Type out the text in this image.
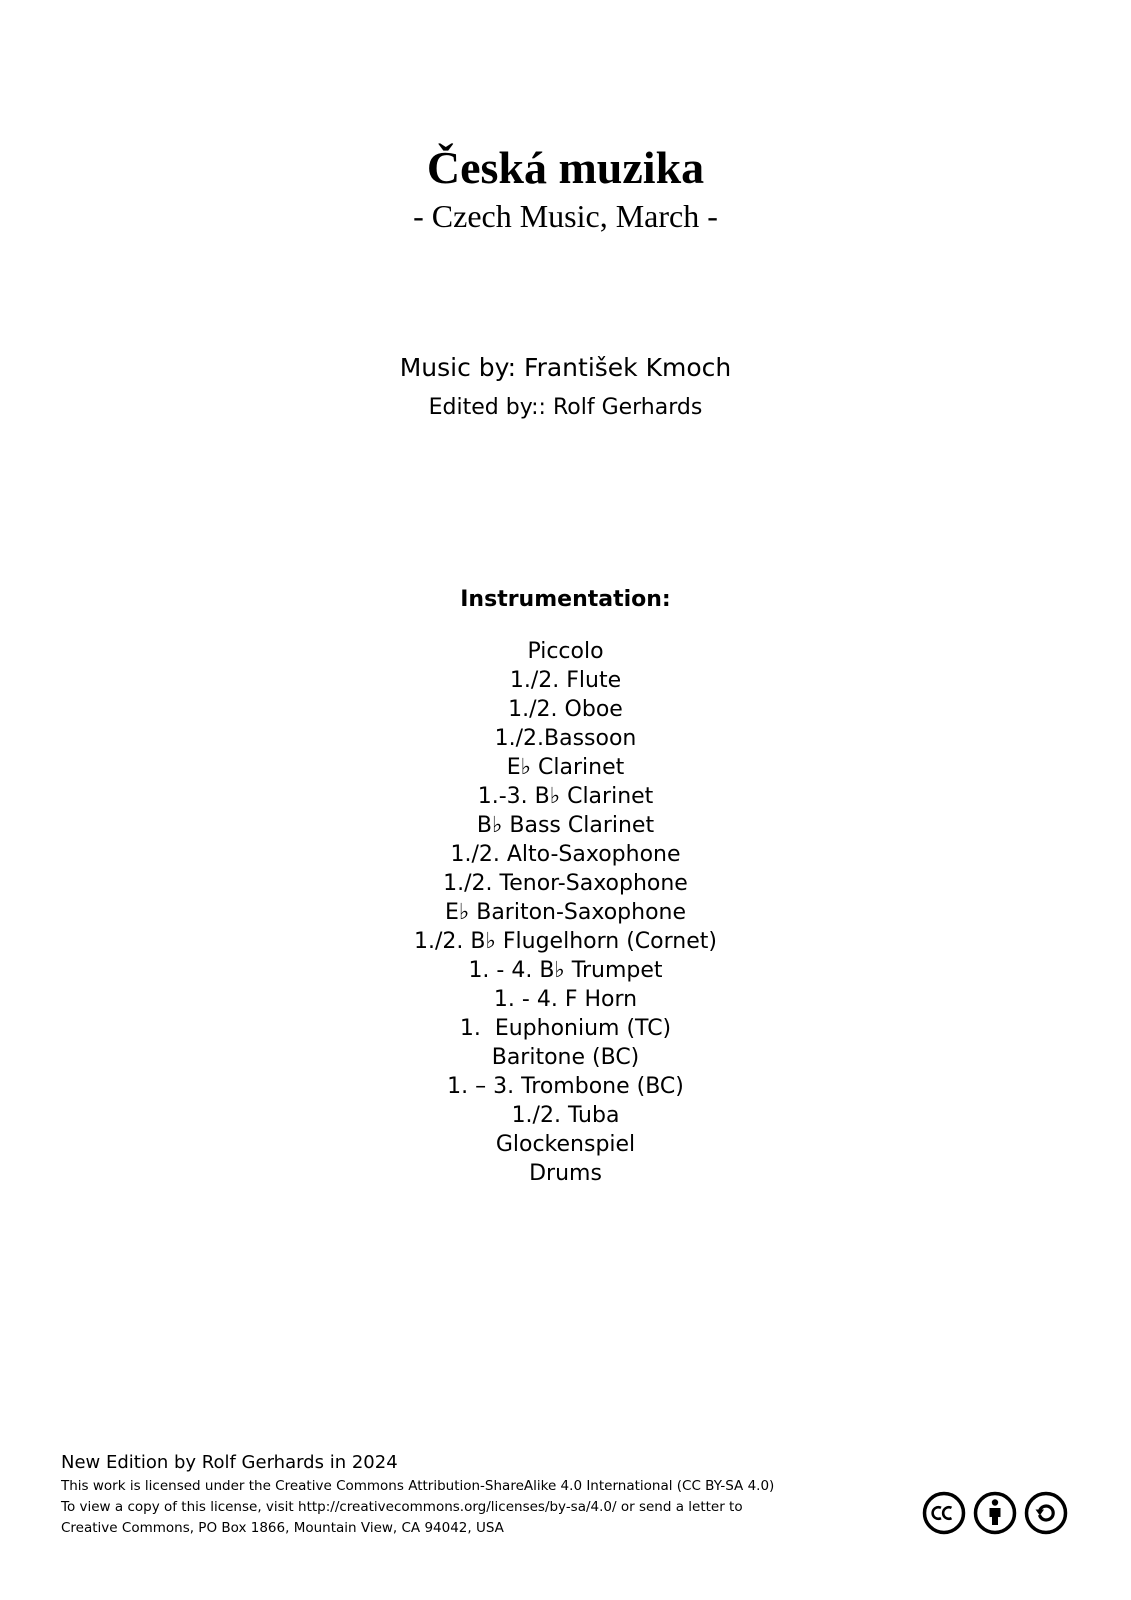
Česká muzika
- Czech Music, March -
Music by: František Kmoch
Edited by:: Rolf Gerhards
Instrumentation:
Piccolo
1./2. Flute
1./2. Oboe
1./2.Bassoon
E♭ Clarinet
1.-3. B♭ Clarinet
B♭ Bass Clarinet
1./2. Alto-Saxophone
1./2. Tenor-Saxophone
E♭ Bariton-Saxophone
1./2. B♭ Flugelhorn (Cornet)
1. - 4. B♭ Trumpet
1. - 4. F Horn
1.  Euphonium (TC)
Baritone (BC)
1. – 3. Trombone (BC)
1./2. Tuba
Glockenspiel
Drums
New Edition by Rolf Gerhards in 2024
This work is licensed under the Creative Commons Attribution-ShareAlike 4.0 International (CC BY-SA 4.0)
To view a copy of this license, visit http://creativecommons.org/licenses/by-sa/4.0/ or send a letter to
Creative Commons, PO Box 1866, Mountain View, CA 94042, USA
